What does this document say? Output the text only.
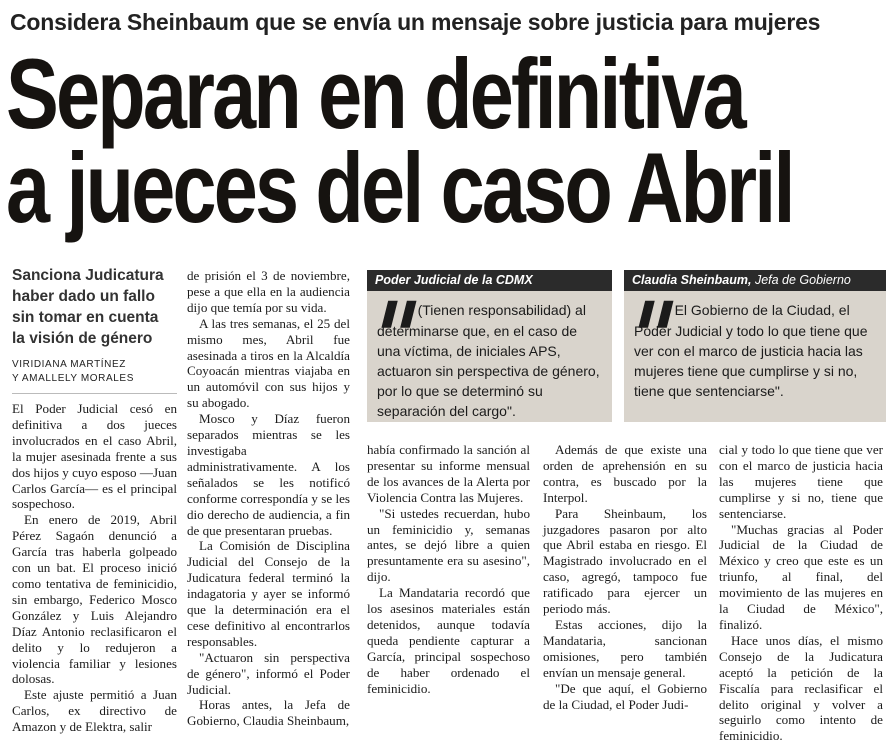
Considera Sheinbaum que se envía un mensaje sobre justicia para mujeres
Separan en definitiva
a jueces del caso Abril
Sanciona Judicatura haber dado un fallo sin tomar en cuenta la visión de género
VIRIDIANA MARTÍNEZ
Y AMALLELY MORALES

El Poder Judicial cesó en definitiva a dos jueces involucrados en el caso Abril, la mujer asesinada frente a sus dos hijos y cuyo esposo —Juan Carlos García— es el principal sospechoso.

En enero de 2019, Abril Pérez Sagaón denunció a García tras haberla golpeado con un bat. El proceso inició como tentativa de feminicidio, sin embargo, Federico Mosco González y Luis Alejandro Díaz Antonio reclasificaron el delito y lo redujeron a violencia familiar y lesiones dolosas.

Este ajuste permitió a Juan Carlos, ex directivo de Amazon y de Elektra, salir

de prisión el 3 de noviembre, pese a que ella en la audiencia dijo que temía por su vida.

A las tres semanas, el 25 del mismo mes, Abril fue asesinada a tiros en la Alcaldía Coyoacán mientras viajaba en un automóvil con sus hijos y su abogado.

Mosco y Díaz fueron separados mientras se les investigaba administrativamente. A los señalados se les notificó conforme correspondía y se les dio derecho de audiencia, a fin de que presentaran pruebas.

La Comisión de Disciplina Judicial del Consejo de la Judicatura federal terminó la indagatoria y ayer se informó que la determinación era el cese definitivo al encontrarlos responsables.

"Actuaron sin perspectiva de género", informó el Poder Judicial.

Horas antes, la Jefa de Gobierno, Claudia Sheinbaum,

Poder Judicial de la CDMX
❚❚ (Tienen responsabilidad) al determinarse que, en el caso de una víctima, de iniciales APS, actuaron sin perspectiva de género, por lo que se determinó su separación del cargo".
Claudia Sheinbaum, Jefa de Gobierno
❚❚ El Gobierno de la Ciudad, el Poder Judicial y todo lo que tiene que ver con el marco de justicia hacia las mujeres tiene que cumplirse y si no, tiene que sentenciarse".

había confirmado la sanción al presentar su informe mensual de los avances de la Alerta por Violencia Contra las Mujeres.

"Si ustedes recuerdan, hubo un feminicidio y, semanas antes, se dejó libre a quien presuntamente era su asesino", dijo.

La Mandataria recordó que los asesinos materiales están detenidos, aunque todavía queda pendiente capturar a García, principal sospechoso de haber ordenado el feminicidio.

Además de que existe una orden de aprehensión en su contra, es buscado por la Interpol.

Para Sheinbaum, los juzgadores pasaron por alto que Abril estaba en riesgo. El Magistrado involucrado en el caso, agregó, tampoco fue ratificado para ejercer un periodo más.

Estas acciones, dijo la Mandataria, sancionan omisiones, pero también envían un mensaje general.

"De que aquí, el Gobierno de la Ciudad, el Poder Judi-

cial y todo lo que tiene que ver con el marco de justicia hacia las mujeres tiene que cumplirse y si no, tiene que sentenciarse.

"Muchas gracias al Poder Judicial de la Ciudad de México y creo que este es un triunfo, al final, del movimiento de las mujeres en la Ciudad de México", finalizó.

Hace unos días, el mismo Consejo de la Judicatura aceptó la petición de la Fiscalía para reclasificar el delito original y volver a seguirlo como intento de feminicidio.
